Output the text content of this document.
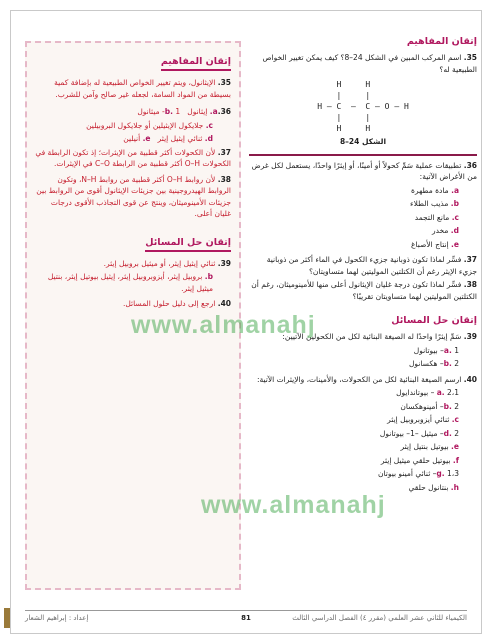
إتقان المفاهيم
35. الإيثانول، ويتم تغيير الخواص الطبيعية له بإضافة كمية بسيطة من المواد السامة، لجعله غير صالح وآمن للشرب.
36.a. إيثانول   b. 1- ميثانول
c. جلايكول الإيثيلين أو جلايكول البروبيلين
d. ثنائي إيثيل إيثر   e. أنيلين
37. لأن الكحولات أكثر قطبية من الإيثرات؛ إذ تكون الرابطة في الكحولات O–H أكثر قطبية من الرابطة C–O في الإيثرات.
38. لأن روابط O–H أكثر قطبية من روابط N–H، وتكون الروابط الهيدروجينية بين جزيئات الإيثانول أقوى من الروابط بين جزيئات الأمينوميثان، وينتج عن قوى التجاذب الأقوى درجات غليان أعلى.
إتقان حل المسائل
39. ثنائي إيثيل إيثر، أو ميثيل بروبيل إيثر.
b. بروبيل إيثر، أيزوبروبيل إيثر، إيثيل بيوتيل إيثر، بنتيل ميثيل إيثر.
40. ارجع إلى دليل حلول المسائل.
إتقان المفاهيم
35. اسم المركب المبين في الشكل 24–8؟ كيف يمكن تغيير الخواص الطبيعية له؟
H     H
|     |
H — C  —  C — O — H
|     |
H     H
الشكل 24–8
36. تطبيقات عملية سَمِّ كحولاً أو أمينًا، أو إيثرًا واحدًا، يستعمل لكل غرض من الأغراض الآتية:
a. مادة مطهرة
b. مذيب الطلاء
c. مانع التجمد
d. مخدر
e. إنتاج الأصباغ
37. فسِّر لماذا تكون ذوبانية جزيء الكحول في الماء أكثر من ذوبانية جزيء الإيثر رغم أن الكتلتين الموليتين لهما متساويتان؟
38. فسِّر لماذا تكون درجة غليان الإيثانول أعلى منها للأمينوميثان، رغم أن الكتلتين الموليتين لهما متساويتان تقريبًا؟
إتقان حل المسائل
39. سَمِّ إيثرًا واحدًا له الصيغة البنائية لكل من الكحولين الآتيين:
a. 1– بيوتانول
b. 2– هكسانول
40. ارسم الصيغة البنائية لكل من الكحولات، والأمينات، والإيثرات الآتية:
a. 2،1 – بيوتاندايول
b. 2– أمينوهكسان
c. ثنائي أيزوبروبيل إيثر
d. 2– ميثيل –1– بيوتانول
e. بيوتيل بنتيل إيثر
f. بيوتيل حلقي ميثيل إيثر
g. 1،3– ثنائي أمينو بيوتان
h. بنتانول حلقي
www.almanahj
www.almanahj
الكيمياء للثاني عشر العلمي (مقرر ٤) الفصل الدراسي الثالث
81
إعداد : إبراهيم الشعار
